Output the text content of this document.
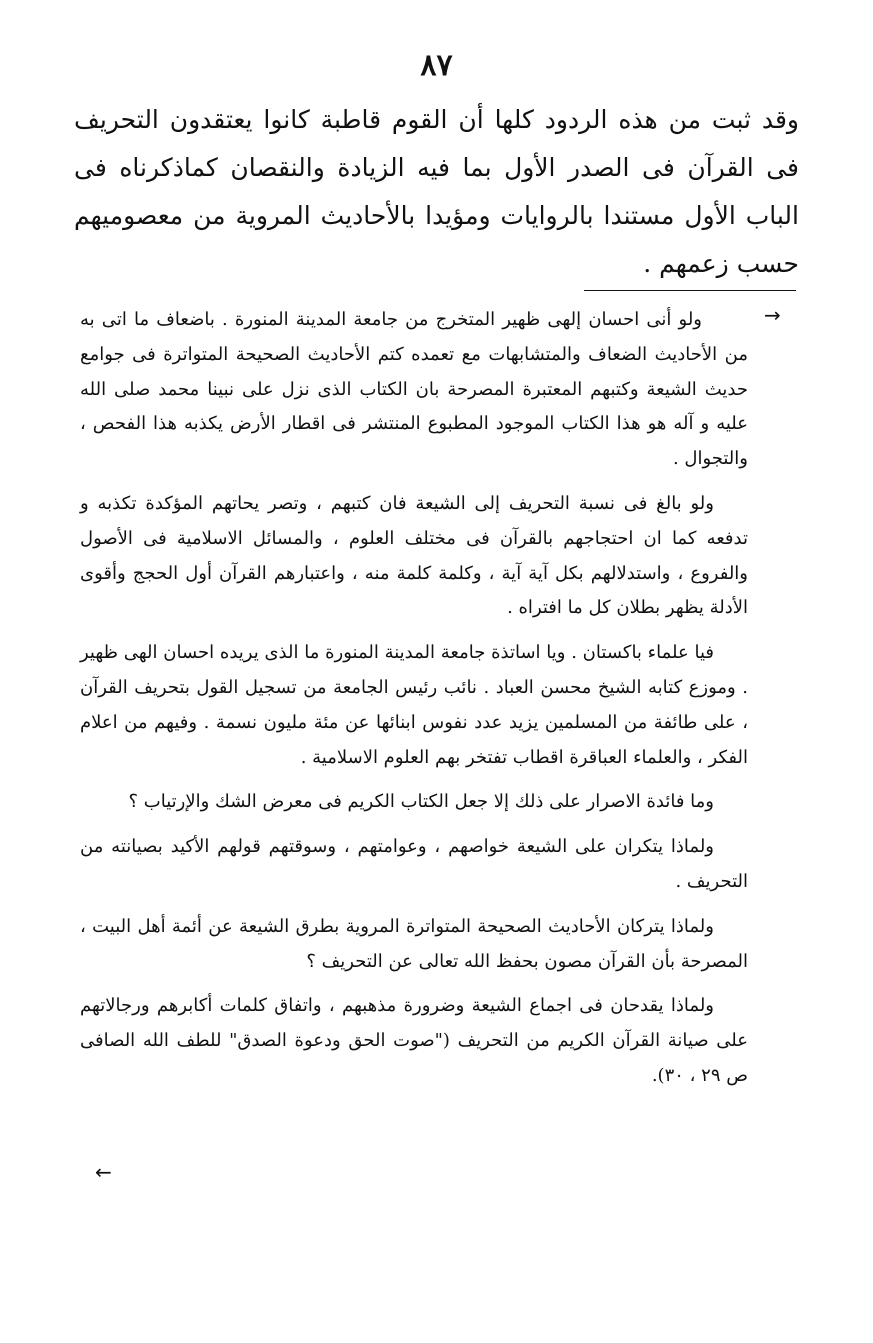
٨٧
وقد ثبت من هذه الردود كلها أن القوم قاطبة كانوا يعتقدون التحريف فى القرآن فى الصدر الأول بما فيه الزيادة والنقصان كماذكرناه فى الباب الأول مستندا بالروايات ومؤيدا بالأحاديث المروية من معصوميهم حسب زعمهم .
→

ولو أنى احسان إلهى ظهير المتخرج من جامعة المدينة المنورة . باضعاف ما اتى به من الأحاديث الضعاف والمتشابهات مع تعمده كتم الأحاديث الصحيحة المتواترة فى جوامع حديث الشيعة وكتبهم المعتبرة المصرحة بان الكتاب الذى نزل على نبينا محمد صلى الله عليه و آله هو هذا الكتاب الموجود المطبوع المنتشر فى اقطار الأرض يكذبه هذا الفحص ، والتجوال .

ولو بالغ فى نسبة التحريف إلى الشيعة فان كتبهم ، وتصر يحاتهم المؤكدة تكذبه و تدفعه كما ان احتجاجهم بالقرآن فى مختلف العلوم ، والمسائل الاسلامية فى الأصول والفروع ، واستدلالهم بكل آية آية ، وكلمة كلمة منه ، واعتبارهم القرآن أول الحجج وأقوى الأدلة يظهر بطلان كل ما افتراه .

فيا علماء باكستان . ويا اساتذة جامعة المدينة المنورة ما الذى يريده احسان الهى ظهير . وموزع كتابه الشيخ محسن العباد . نائب رئيس الجامعة من تسجيل القول بتحريف القرآن ، على طائفة من المسلمين يزيد عدد نفوس ابنائها عن مئة مليون نسمة . وفيهم من اعلام الفكر ، والعلماء العباقرة اقطاب تفتخر بهم العلوم الاسلامية .

وما فائدة الاصرار على ذلك إلا جعل الكتاب الكريم فى معرض الشك والإرتياب ؟

ولماذا يتكران على الشيعة خواصهم ، وعوامتهم ، وسوقتهم قولهم الأكيد بصيانته من التحريف .

ولماذا يتركان الأحاديث الصحيحة المتواترة المروية بطرق الشيعة عن أئمة أهل البيت ، المصرحة بأن القرآن مصون بحفظ الله تعالى عن التحريف ؟

ولماذا يقدحان فى اجماع الشيعة وضرورة مذهبهم ، واتفاق كلمات أكابرهم ورجالاتهم على صيانة القرآن الكريم من التحريف ("صوت الحق ودعوة الصدق" للطف الله الصافى ص ٢٩ ، ٣٠).

←
